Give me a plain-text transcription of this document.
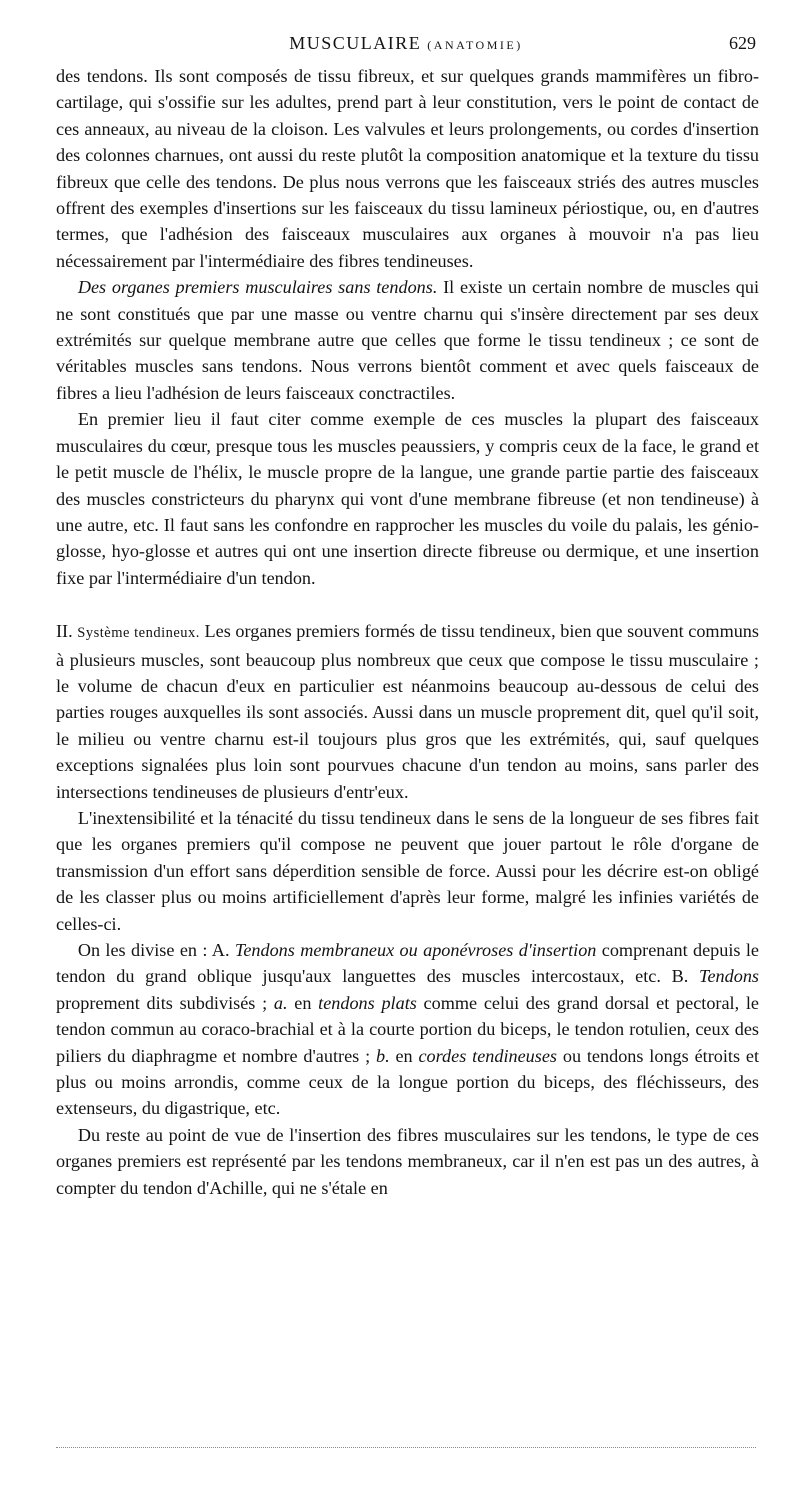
MUSCULAIRE (ANATOMIE)	629

des tendons. Ils sont composés de tissu fibreux, et sur quelques grands mammifères un fibro-cartilage, qui s'ossifie sur les adultes, prend part à leur constitution, vers le point de contact de ces anneaux, au niveau de la cloison. Les valvules et leurs prolongements, ou cordes d'insertion des colonnes charnues, ont aussi du reste plutôt la composition anatomique et la texture du tissu fibreux que celle des tendons. De plus nous verrons que les faisceaux striés des autres muscles offrent des exemples d'insertions sur les faisceaux du tissu lamineux périostique, ou, en d'autres termes, que l'adhésion des faisceaux musculaires aux organes à mouvoir n'a pas lieu nécessairement par l'intermédiaire des fibres tendineuses.

Des organes premiers musculaires sans tendons. Il existe un certain nombre de muscles qui ne sont constitués que par une masse ou ventre charnu qui s'insère directement par ses deux extrémités sur quelque membrane autre que celles que forme le tissu tendineux ; ce sont de véritables muscles sans tendons. Nous verrons bientôt comment et avec quels faisceaux de fibres a lieu l'adhésion de leurs faisceaux conctractiles.

En premier lieu il faut citer comme exemple de ces muscles la plupart des faisceaux musculaires du cœur, presque tous les muscles peaussiers, y compris ceux de la face, le grand et le petit muscle de l'hélix, le muscle propre de la langue, une grande partie partie des faisceaux des muscles constricteurs du pharynx qui vont d'une membrane fibreuse (et non tendineuse) à une autre, etc. Il faut sans les confondre en rapprocher les muscles du voile du palais, les génio-glosse, hyo-glosse et autres qui ont une insertion directe fibreuse ou dermique, et une insertion fixe par l'intermédiaire d'un tendon.

II. Système tendineux. Les organes premiers formés de tissu tendineux, bien que souvent communs à plusieurs muscles, sont beaucoup plus nombreux que ceux que compose le tissu musculaire ; le volume de chacun d'eux en particulier est néanmoins beaucoup au-dessous de celui des parties rouges auxquelles ils sont associés. Aussi dans un muscle proprement dit, quel qu'il soit, le milieu ou ventre charnu est-il toujours plus gros que les extrémités, qui, sauf quelques exceptions signalées plus loin sont pourvues chacune d'un tendon au moins, sans parler des intersections tendineuses de plusieurs d'entr'eux.

L'inextensibilité et la ténacité du tissu tendineux dans le sens de la longueur de ses fibres fait que les organes premiers qu'il compose ne peuvent que jouer partout le rôle d'organe de transmission d'un effort sans déperdition sensible de force. Aussi pour les décrire est-on obligé de les classer plus ou moins artificiellement d'après leur forme, malgré les infinies variétés de celles-ci.

On les divise en : A. Tendons membraneux ou aponévroses d'insertion comprenant depuis le tendon du grand oblique jusqu'aux languettes des muscles intercostaux, etc. B. Tendons proprement dits subdivisés ; a. en tendons plats comme celui des grand dorsal et pectoral, le tendon commun au coraco-brachial et à la courte portion du biceps, le tendon rotulien, ceux des piliers du diaphragme et nombre d'autres ; b. en cordes tendineuses ou tendons longs étroits et plus ou moins arrondis, comme ceux de la longue portion du biceps, des fléchisseurs, des extenseurs, du digastrique, etc.

Du reste au point de vue de l'insertion des fibres musculaires sur les tendons, le type de ces organes premiers est représenté par les tendons membraneux, car il n'en est pas un des autres, à compter du tendon d'Achille, qui ne s'étale en
